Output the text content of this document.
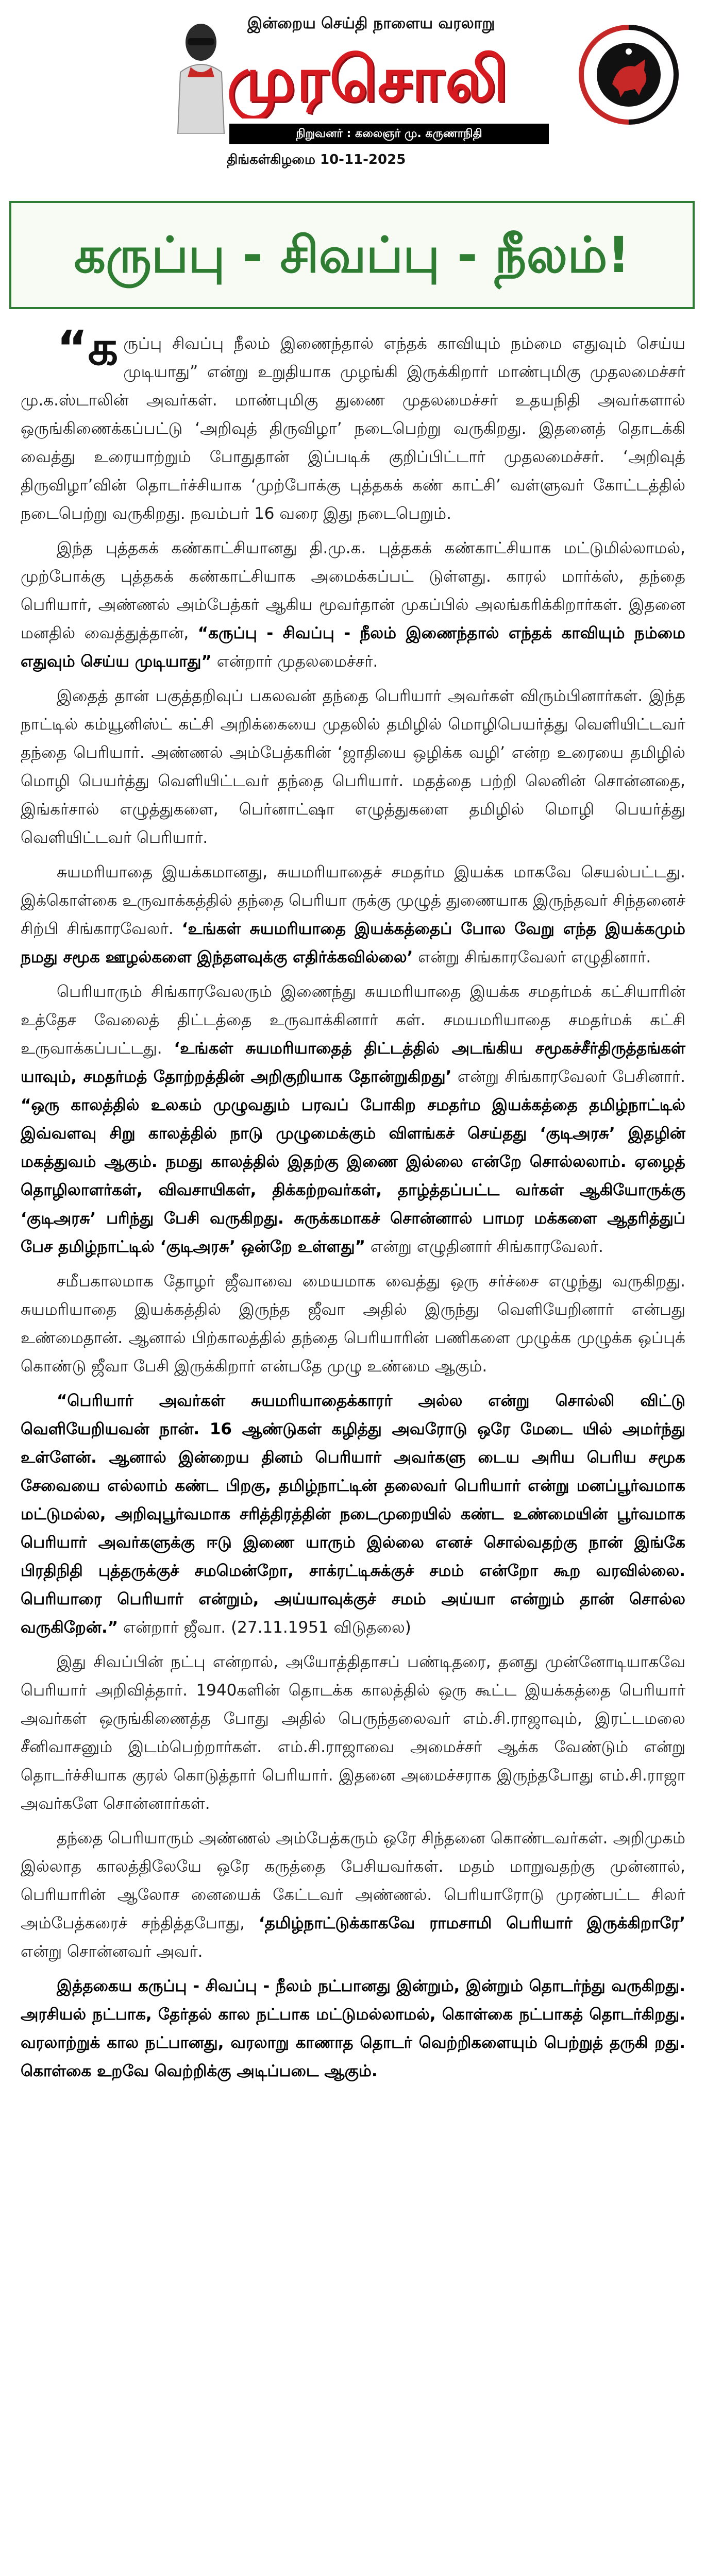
இன்றைய செய்தி நாளைய வரலாறு
முரசொலி
நிறுவனர் : கலைஞர் மு. கருணாநிதி
திங்கள்கிழமை 10-11-2025
கருப்பு - சிவப்பு - நீலம்!

“கருப்பு சிவப்பு நீலம் இணைந்தால் எந்தக் காவியும் நம்மை எதுவும் செய்ய முடியாது” என்று உறுதியாக முழங்கி இருக்கிறார் மாண்புமிகு முதலமைச்சர் மு.க.ஸ்டாலின் அவர்கள். மாண்புமிகு துணை முதலமைச்சர் உதயநிதி அவர்களால் ஒருங்கிணைக்கப்பட்டு ‘அறிவுத் திருவிழா’ நடைபெற்று வருகிறது. இதனைத் தொடக்கி வைத்து உரையாற்றும் போதுதான் இப்படிக் குறிப்பிட்டார் முதலமைச்சர். ‘அறிவுத் திருவிழா’வின் தொடர்ச்சியாக ‘முற்போக்கு புத்தகக் கண் காட்சி’ வள்ளுவர் கோட்டத்தில் நடைபெற்று வருகிறது. நவம்பர் 16 வரை இது நடைபெறும்.

இந்த புத்தகக் கண்காட்சியானது தி.மு.க. புத்தகக் கண்காட்சியாக மட்டுமில்லாமல், முற்போக்கு புத்தகக் கண்காட்சியாக அமைக்கப்பட் டுள்ளது. காரல் மார்க்ஸ், தந்தை பெரியார், அண்ணல் அம்பேத்கர் ஆகிய மூவர்தான் முகப்பில் அலங்கரிக்கிறார்கள். இதனை மனதில் வைத்துத்தான், “கருப்பு - சிவப்பு - நீலம் இணைந்தால் எந்தக் காவியும் நம்மை எதுவும் செய்ய முடியாது” என்றார் முதலமைச்சர்.

இதைத் தான் பகுத்தறிவுப் பகலவன் தந்தை பெரியார் அவர்கள் விரும்பினார்கள். இந்த நாட்டில் கம்யூனிஸ்ட் கட்சி அறிக்கையை முதலில் தமிழில் மொழிபெயர்த்து வெளியிட்டவர் தந்தை பெரியார். அண்ணல் அம்பேத்கரின் ‘ஜாதியை ஒழிக்க வழி’ என்ற உரையை தமிழில் மொழி பெயர்த்து வெளியிட்டவர் தந்தை பெரியார். மதத்தை பற்றி லெனின் சொன்னதை, இங்கர்சால் எழுத்துகளை, பெர்னாட்ஷா எழுத்துகளை தமிழில் மொழி பெயர்த்து வெளியிட்டவர் பெரியார்.

சுயமரியாதை இயக்கமானது, சுயமரியாதைச் சமதர்ம இயக்க மாகவே செயல்பட்டது. இக்கொள்கை உருவாக்கத்தில் தந்தை பெரியா ருக்கு முழுத் துணையாக இருந்தவர் சிந்தனைச் சிற்பி சிங்காரவேலர். ‘உங்கள் சுயமரியாதை இயக்கத்தைப் போல வேறு எந்த இயக்கமும் நமது சமூக ஊழல்களை இந்தளவுக்கு எதிர்க்கவில்லை’ என்று சிங்காரவேலர் எழுதினார்.

பெரியாரும் சிங்காரவேலரும் இணைந்து சுயமரியாதை இயக்க சமதர்மக் கட்சியாரின் உத்தேச வேலைத் திட்டத்தை உருவாக்கினார் கள். சமயமரியாதை சமதர்மக் கட்சி உருவாக்கப்பட்டது. ‘உங்கள் சுயமரியாதைத் திட்டத்தில் அடங்கிய சமூகச்சீர்திருத்தங்கள் யாவும், சமதர்மத் தோற்றத்தின் அறிகுறியாக தோன்றுகிறது’ என்று சிங்காரவேலர் பேசினார். “ஒரு காலத்தில் உலகம் முழுவதும் பரவப் போகிற சமதர்ம இயக்கத்தை தமிழ்நாட்டில் இவ்வளவு சிறு காலத்தில் நாடு முழுமைக்கும் விளங்கச் செய்தது ‘குடிஅரசு’ இதழின் மகத்துவம் ஆகும். நமது காலத்தில் இதற்கு இணை இல்லை என்றே சொல்லலாம். ஏழைத் தொழிலாளர்கள், விவசாயிகள், திக்கற்றவர்கள், தாழ்த்தப்பட்ட வர்கள் ஆகியோருக்கு ‘குடிஅரசு’ பரிந்து பேசி வருகிறது. சுருக்கமாகச் சொன்னால் பாமர மக்களை ஆதரித்துப் பேச தமிழ்நாட்டில் ‘குடிஅரசு’ ஒன்றே உள்ளது” என்று எழுதினார் சிங்காரவேலர்.

சமீபகாலமாக தோழர் ஜீவாவை மையமாக வைத்து ஒரு சர்ச்சை எழுந்து வருகிறது. சுயமரியாதை இயக்கத்தில் இருந்த ஜீவா அதில் இருந்து வெளியேறினார் என்பது உண்மைதான். ஆனால் பிற்காலத்தில் தந்தை பெரியாரின் பணிகளை முழுக்க முழுக்க ஒப்புக் கொண்டு ஜீவா பேசி இருக்கிறார் என்பதே முழு உண்மை ஆகும்.

“பெரியார் அவர்கள் சுயமரியாதைக்காரர் அல்ல என்று சொல்லி விட்டு வெளியேறியவன் நான். 16 ஆண்டுகள் கழித்து அவரோடு ஒரே மேடை யில் அமர்ந்து உள்ளேன். ஆனால் இன்றைய தினம் பெரியார் அவர்களு டைய அரிய பெரிய சமூக சேவையை எல்லாம் கண்ட பிறகு, தமிழ்நாட்டின் தலைவர் பெரியார் என்று மனப்பூர்வமாக மட்டுமல்ல, அறிவுபூர்வமாக சரித்திரத்தின் நடைமுறையில் கண்ட உண்மையின் பூர்வமாக பெரியார் அவர்களுக்கு ஈடு இணை யாரும் இல்லை எனச் சொல்வதற்கு நான் இங்கே பிரதிநிதி புத்தருக்குச் சமமென்றோ, சாக்ரட்டிசுக்குச் சமம் என்றோ கூற வரவில்லை. பெரியாரை பெரியார் என்றும், அய்யாவுக்குச் சமம் அய்யா என்றும் தான் சொல்ல வருகிறேன்.” என்றார் ஜீவா. (27.11.1951 விடுதலை)

இது சிவப்பின் நட்பு என்றால், அயோத்திதாசப் பண்டிதரை, தனது முன்னோடியாகவே பெரியார் அறிவித்தார். 1940களின் தொடக்க காலத்தில் ஒரு கூட்ட இயக்கத்தை பெரியார் அவர்கள் ஒருங்கிணைத்த போது அதில் பெருந்தலைவர் எம்.சி.ராஜாவும், இரட்டமலை சீனிவாசனும் இடம்பெற்றார்கள். எம்.சி.ராஜாவை அமைச்சர் ஆக்க வேண்டும் என்று தொடர்ச்சியாக குரல் கொடுத்தார் பெரியார். இதனை அமைச்சராக இருந்தபோது எம்.சி.ராஜா அவர்களே சொன்னார்கள்.

தந்தை பெரியாரும் அண்ணல் அம்பேத்கரும் ஒரே சிந்தனை கொண்டவர்கள். அறிமுகம் இல்லாத காலத்திலேயே ஒரே கருத்தை பேசியவர்கள். மதம் மாறுவதற்கு முன்னால், பெரியாரின் ஆலோச னையைக் கேட்டவர் அண்ணல். பெரியாரோடு முரண்பட்ட சிலர் அம்பேத்கரைச் சந்தித்தபோது, ‘தமிழ்நாட்டுக்காகவே ராமசாமி பெரியார் இருக்கிறாரே’ என்று சொன்னவர் அவர்.

இத்தகைய கருப்பு - சிவப்பு - நீலம் நட்பானது இன்றும், இன்றும் தொடர்ந்து வருகிறது. அரசியல் நட்பாக, தேர்தல் கால நட்பாக மட்டுமல்லாமல், கொள்கை நட்பாகத் தொடர்கிறது. வரலாற்றுக் கால நட்பானது, வரலாறு காணாத தொடர் வெற்றிகளையும் பெற்றுத் தருகி றது. கொள்கை உறவே வெற்றிக்கு அடிப்படை ஆகும்.
